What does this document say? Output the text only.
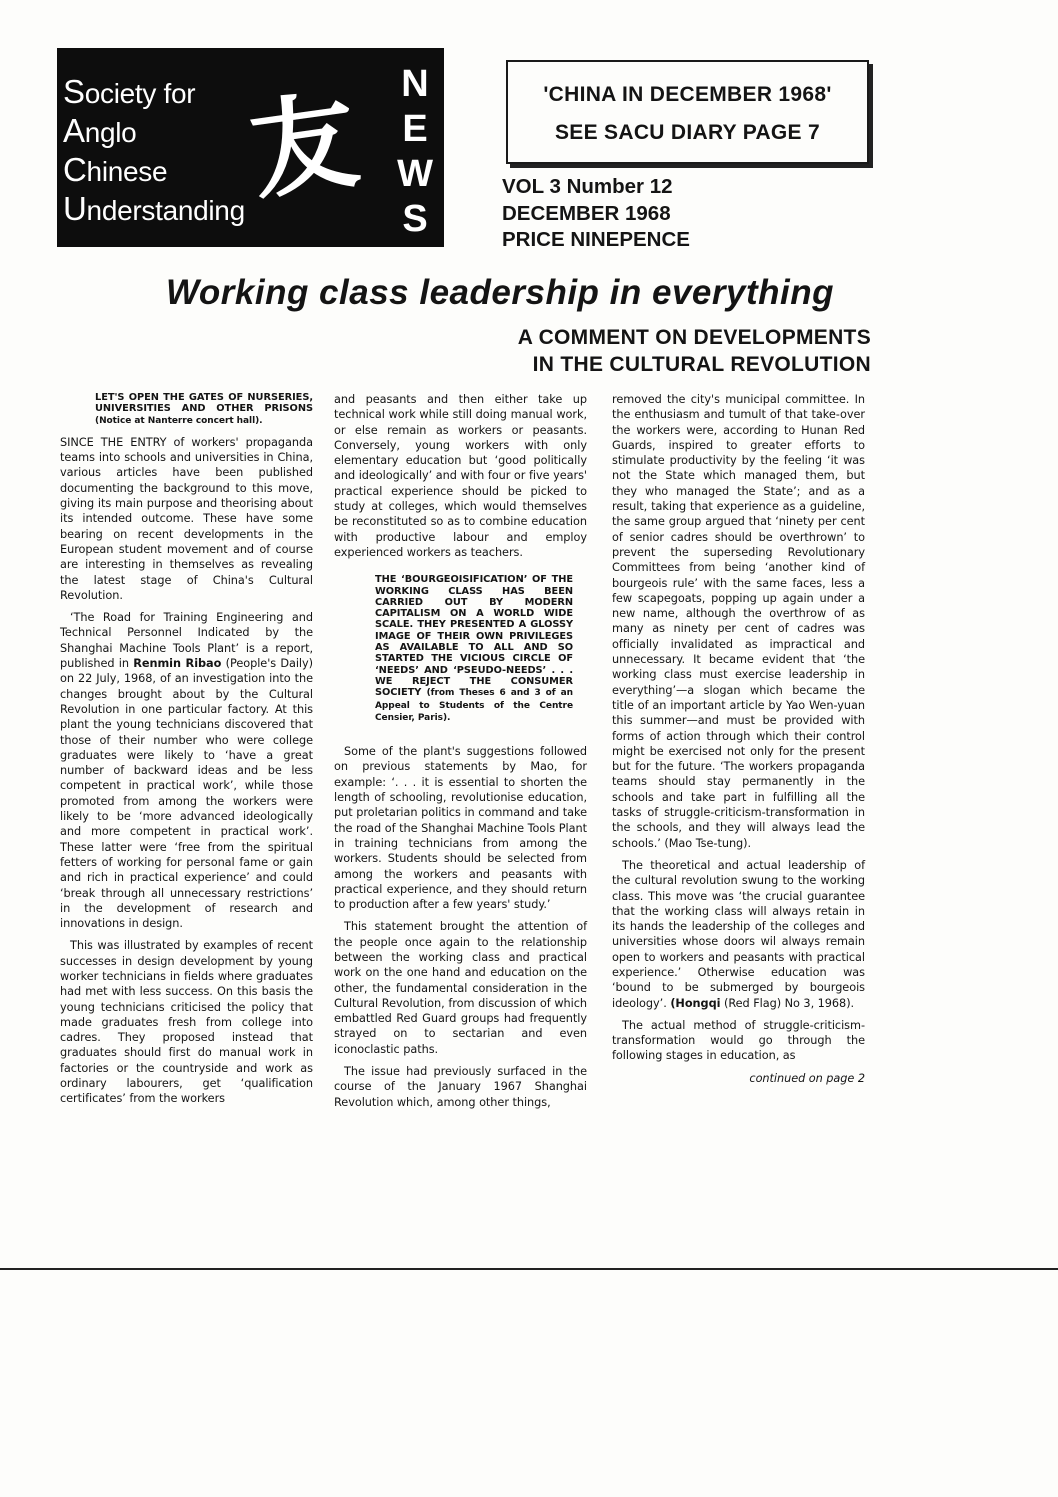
Society for
Anglo
Chinese
Understanding
友 N
E
W
S
'CHINA IN DECEMBER 1968'
SEE SACU DIARY PAGE 7
VOL 3 Number 12
DECEMBER 1968
PRICE NINEPENCE
Working class leadership in everything
A COMMENT ON DEVELOPMENTS
IN THE CULTURAL REVOLUTION

LET'S OPEN THE GATES OF NURSERIES, UNIVERSITIES AND OTHER PRISONS (Notice at Nanterre concert hall).

SINCE THE ENTRY of workers' propaganda teams into schools and universities in China, various articles have been published documenting the background to this move, giving its main purpose and theorising about its intended outcome. These have some bearing on recent developments in the European student movement and of course are interesting in themselves as revealing the latest stage of China's Cultural Revolution.

‘The Road for Training Engineering and Technical Personnel Indicated by the Shanghai Machine Tools Plant’ is a report, published in Renmin Ribao (People's Daily) on 22 July, 1968, of an investigation into the changes brought about by the Cultural Revolution in one particular factory. At this plant the young technicians discovered that those of their number who were college graduates were likely to ‘have a great number of backward ideas and be less competent in practical work’, while those promoted from among the workers were likely to be ‘more advanced ideologically and more competent in practical work’. These latter were ‘free from the spiritual fetters of working for personal fame or gain and rich in practical experience’ and could ‘break through all unnecessary restrictions’ in the development of research and innovations in design.

This was illustrated by examples of recent successes in design development by young worker technicians in fields where graduates had met with less success. On this basis the young technicians criticised the policy that made graduates fresh from college into cadres. They proposed instead that graduates should first do manual work in factories or the countryside and work as ordinary labourers, get ‘qualification certificates’ from the workers

and peasants and then either take up technical work while still doing manual work, or else remain as workers or peasants. Conversely, young workers with only elementary education but ‘good politically and ideologically’ and with four or five years' practical experience should be picked to study at colleges, which would themselves be reconstituted so as to combine education with productive labour and employ experienced workers as teachers.

THE ‘BOURGEOISIFICATION’ OF THE WORKING CLASS HAS BEEN CARRIED OUT BY MODERN CAPITALISM ON A WORLD WIDE SCALE. THEY PRESENTED A GLOSSY IMAGE OF THEIR OWN PRIVILEGES AS AVAILABLE TO ALL AND SO STARTED THE VICIOUS CIRCLE OF ‘NEEDS’ AND ‘PSEUDO-NEEDS’ . . . WE REJECT THE CONSUMER SOCIETY (from Theses 6 and 3 of an Appeal to Students of the Centre Censier, Paris).

Some of the plant's suggestions followed on previous statements by Mao, for example: ‘. . . it is essential to shorten the length of schooling, revolutionise education, put proletarian politics in command and take the road of the Shanghai Machine Tools Plant in training technicians from among the workers. Students should be selected from among the workers and peasants with practical experience, and they should return to production after a few years' study.’

This statement brought the attention of the people once again to the relationship between the working class and practical work on the one hand and education on the other, the fundamental consideration in the Cultural Revolution, from discussion of which embattled Red Guard groups had frequently strayed on to sectarian and even iconoclastic paths.

The issue had previously surfaced in the course of the January 1967 Shanghai Revolution which, among other things,

removed the city's municipal committee. In the enthusiasm and tumult of that take-over the workers were, according to Hunan Red Guards, inspired to greater efforts to stimulate productivity by the feeling ‘it was not the State which managed them, but they who managed the State’; and as a result, taking that experience as a guideline, the same group argued that ‘ninety per cent of senior cadres should be overthrown’ to prevent the superseding Revolutionary Committees from being ‘another kind of bourgeois rule’ with the same faces, less a few scapegoats, popping up again under a new name, although the overthrow of as many as ninety per cent of cadres was officially invalidated as impractical and unnecessary. It became evident that ‘the working class must exercise leadership in everything’—a slogan which became the title of an important article by Yao Wen-yuan this summer—and must be provided with forms of action through which their control might be exercised not only for the present but for the future. ‘The workers propaganda teams should stay permanently in the schools and take part in fulfilling all the tasks of struggle-criticism-transformation in the schools, and they will always lead the schools.’ (Mao Tse-tung).

The theoretical and actual leadership of the cultural revolution swung to the working class. This move was ‘the crucial guarantee that the working class will always retain in its hands the leadership of the colleges and universities whose doors wil always remain open to workers and peasants with practical experience.’ Otherwise education was ‘bound to be submerged by bourgeois ideology’. (Hongqi (Red Flag) No 3, 1968).

The actual method of struggle-criticism-transformation would go through the following stages in education, as

continued on page 2
